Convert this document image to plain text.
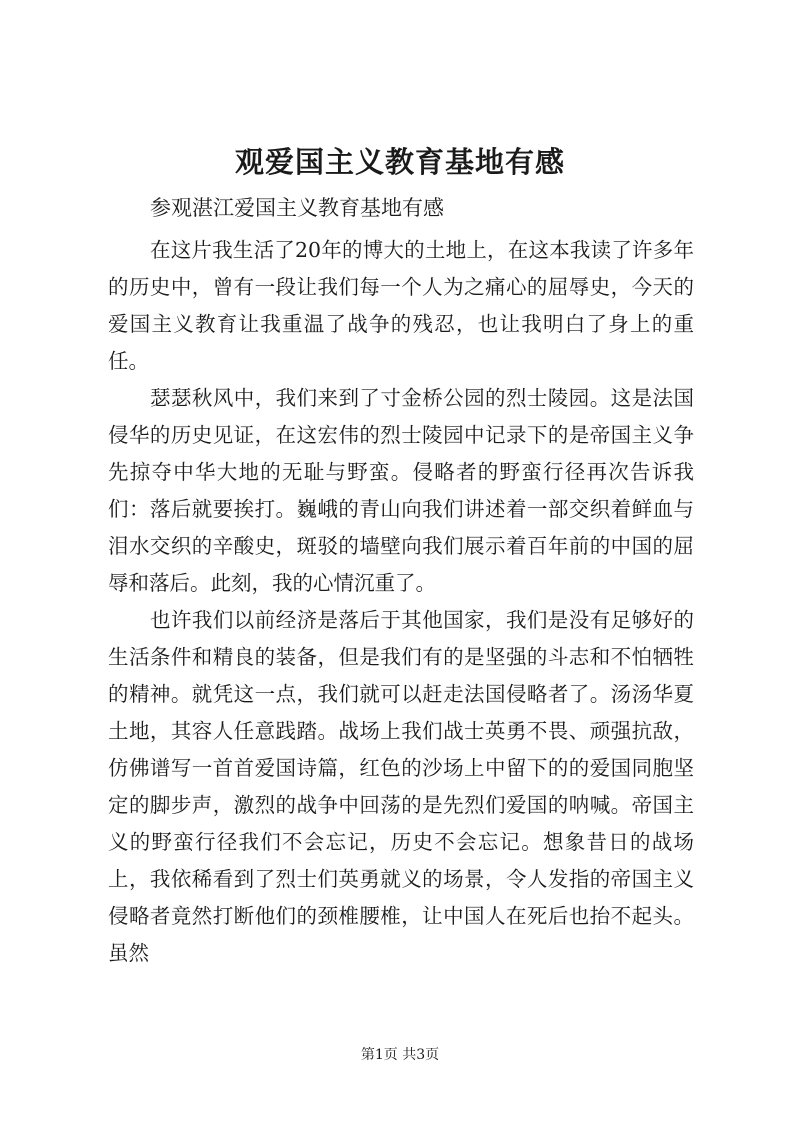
观爱国主义教育基地有感
参观湛江爱国主义教育基地有感

在这片我生活了20年的博大的土地上，在这本我读了许多年的历史中，曾有一段让我们每一个人为之痛心的屈辱史，今天的爱国主义教育让我重温了战争的残忍，也让我明白了身上的重任。

瑟瑟秋风中，我们来到了寸金桥公园的烈士陵园。这是法国侵华的历史见证，在这宏伟的烈士陵园中记录下的是帝国主义争先掠夺中华大地的无耻与野蛮。侵略者的野蛮行径再次告诉我们：落后就要挨打。巍峨的青山向我们讲述着一部交织着鲜血与泪水交织的辛酸史，斑驳的墙壁向我们展示着百年前的中国的屈辱和落后。此刻，我的心情沉重了。

也许我们以前经济是落后于其他国家，我们是没有足够好的生活条件和精良的装备，但是我们有的是坚强的斗志和不怕牺牲的精神。就凭这一点，我们就可以赶走法国侵略者了。汤汤华夏土地，其容人任意践踏。战场上我们战士英勇不畏、顽强抗敌，仿佛谱写一首首爱国诗篇，红色的沙场上中留下的的爱国同胞坚定的脚步声，激烈的战争中回荡的是先烈们爱国的呐喊。帝国主义的野蛮行径我们不会忘记，历史不会忘记。想象昔日的战场上，我依稀看到了烈士们英勇就义的场景，令人发指的帝国主义侵略者竟然打断他们的颈椎腰椎，让中国人在死后也抬不起头。虽然

第1页 共3页
